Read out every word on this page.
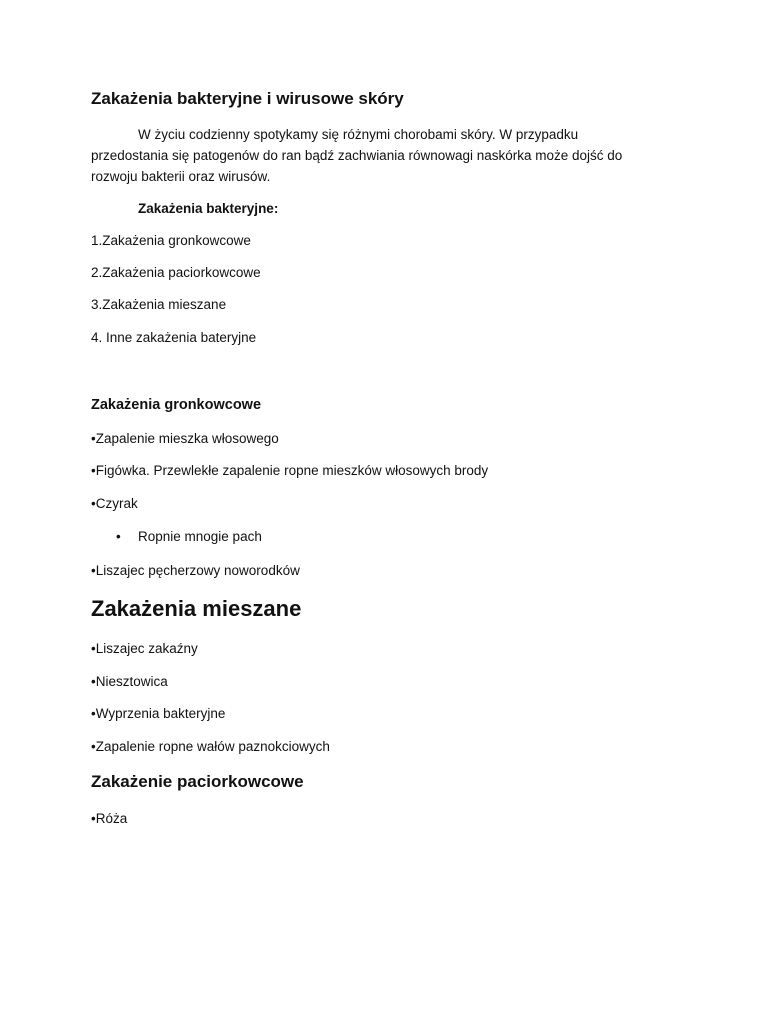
Zakażenia bakteryjne i wirusowe skóry
W życiu codzienny spotykamy się różnymi chorobami skóry. W przypadku
przedostania się patogenów do ran bądź zachwiania równowagi naskórka może dojść do
rozwoju bakterii oraz wirusów.
Zakażenia bakteryjne:
1.Zakażenia gronkowcowe
2.Zakażenia paciorkowcowe
3.Zakażenia mieszane
4. Inne zakażenia bateryjne
Zakażenia gronkowcowe
•Zapalenie mieszka włosowego
•Figówka. Przewlekłe zapalenie ropne mieszków włosowych brody
•Czyrak
• Ropnie mnogie pach
•Liszajec pęcherzowy noworodków
Zakażenia mieszane
•Liszajec zakaźny
•Niesztowica
•Wyprzenia bakteryjne
•Zapalenie ropne wałów paznokciowych
Zakażenie paciorkowcowe
•Róża
